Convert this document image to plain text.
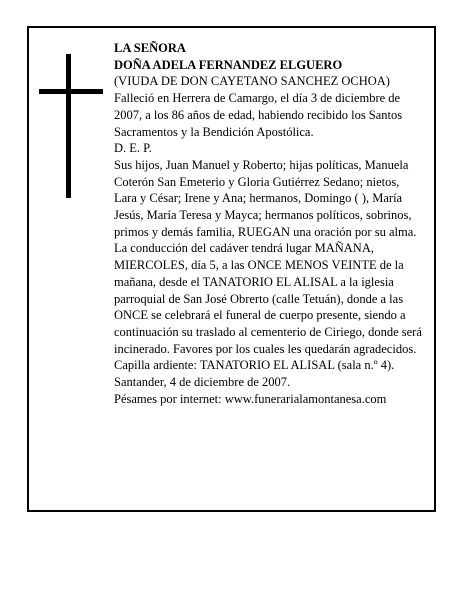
LA SEÑORA

DOÑA ADELA FERNANDEZ ELGUERO

(VIUDA DE DON CAYETANO SANCHEZ OCHOA)

Falleció en Herrera de Camargo, el día 3 de diciembre de 2007, a los 86 años de edad, habiendo recibido los Santos Sacramentos y la Bendición Apostólica.

D. E. P.

Sus hijos, Juan Manuel y Roberto; hijas políticas, Manuela Coterón San Emeterio y Gloria Gutiérrez Sedano; nietos, Lara y César; Irene y Ana; hermanos, Domingo ( ), María Jesús, María Teresa y Mayca; hermanos políticos, sobrinos, primos y demás familia, RUEGAN una oración por su alma. La conducción del cadáver tendrá lugar MAÑANA, MIERCOLES, día 5, a las ONCE MENOS VEINTE de la mañana, desde el TANATORIO EL ALISAL a la iglesia parroquial de San José Obrerto (calle Tetuán), donde a las ONCE se celebrará el funeral de cuerpo presente, siendo a continuación su traslado al cementerio de Ciriego, donde será incinerado. Favores por los cuales les quedarán agradecidos.

Capilla ardiente: TANATORIO EL ALISAL (sala n.º 4).

Santander, 4 de diciembre de 2007.

Pésames por internet: www.funerarialamontanesa.com
